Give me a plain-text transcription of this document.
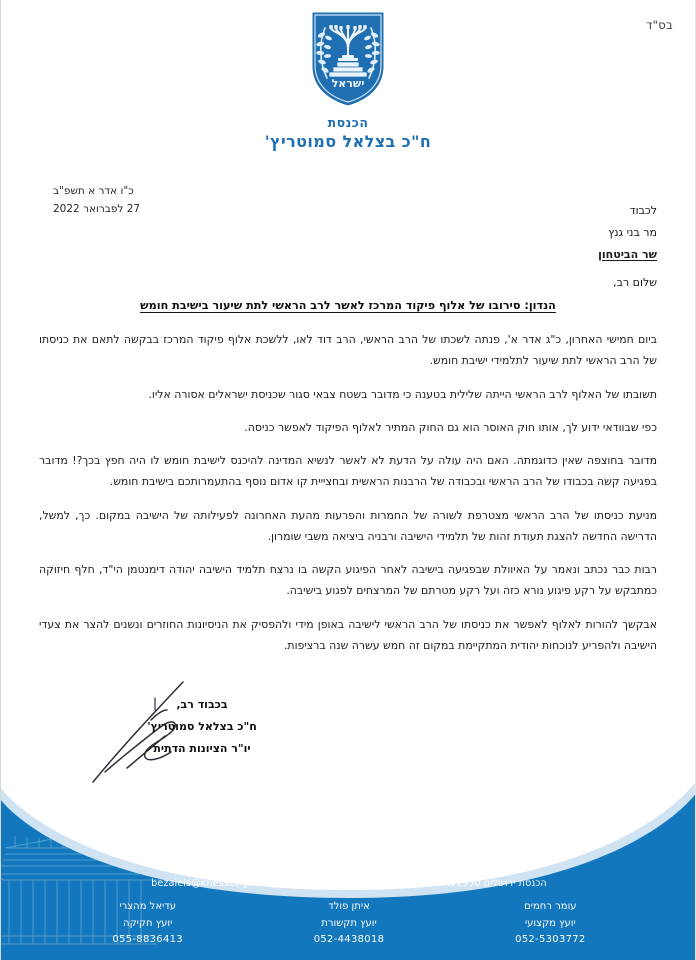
בס"ד
ישראל
הכנסת
ח"כ בצלאל סמוטריץ'
כ"ו אדר א תשפ"ב
27 לפברואר 2022	לכבוד
מר בני גנץ
שר הביטחון
שלום רב,
הנדון: סירובו של אלוף פיקוד המרכז לאשר לרב הראשי לתת שיעור בישיבת חומש

ביום חמישי האחרון, כ"ג אדר א', פנתה לשכתו של הרב הראשי, הרב דוד לאו, ללשכת אלוף פיקוד המרכז בבקשה לתאם את כניסתו של הרב הראשי לתת שיעור לתלמידי ישיבת חומש.

תשובתו של האלוף לרב הראשי הייתה שלילית בטענה כי מדובר בשטח צבאי סגור שכניסת ישראלים אסורה אליו.

כפי שבוודאי ידוע לך, אותו חוק האוסר הוא גם החוק המתיר לאלוף הפיקוד לאפשר כניסה.

מדובר בחוצפה שאין כדוגמתה. האם היה עולה על הדעת לא לאשר לנשיא המדינה להיכנס לישיבת חומש לו היה חפץ בכך?! מדובר בפגיעה קשה בכבודו של הרב הראשי ובכבודה של הרבנות הראשית ובחצייית קו אדום נוסף בהתעמרותכם בישיבת חומש.

מניעת כניסתו של הרב הראשי מצטרפת לשורה של החמרות והפרעות מהעת האחרונה לפעילותה של הישיבה במקום. כך, למשל, הדרישה החדשה להצגת תעודת זהות של תלמידי הישיבה ורבניה ביציאה משבי שומרון.

רבות כבר נכתב ונאמר על האיוולת שבפגיעה בישיבה לאחר הפיגוע הקשה בו נרצח תלמיד הישיבה יהודה דימנטמן הי"ד, חלף חיזוקה כמתבקש על רקע פיגוע נורא כזה ועל רקע מטרתם של המרצחים לפגוע בישיבה.

אבקשך להורות לאלוף לאפשר את כניסתו של הרב הראשי לישיבה באופן מידי ולהפסיק את הניסיונות החוזרים ונשנים להצר את צעדי הישיבה ולהפריע לנוכחות יהודית המתקיימת במקום זה חמש עשרה שנה ברציפות.

בכבוד רב,
ח"כ בצלאל סמוטריץ'
יו"ר הציונות הדתית
הכנסת ירושלים 91950. טל 02-6408024, פקס: 02-6408375 | bezalels@knesset.gov.il
עומר רחמים
יועץ מקצועי
052-5303772
איתן פולד
יועץ תקשורת
052-4438018
עדיאל מהצרי
יועץ חקיקה
055-8836413
